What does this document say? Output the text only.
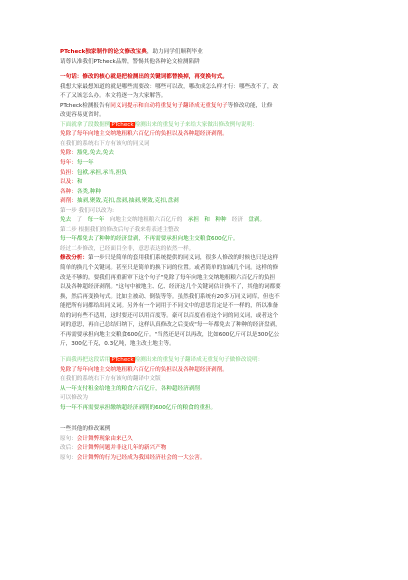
PTcheck独家制作的论文修改宝典，助力同学们顺利毕业
请尊认准我们PTcheck品牌，警惕其他各种论文检测陷阱
一句话：修改的核心就是把检测出的关键词都替换掉，再变换句式。
我想大家最想知道的就是哪些需要改：哪些可以改，哪改成怎么样才行：哪些改不了，改
不了又该怎么办。本文将逐一为大家解答。
PTcheck检测报告有同义词提示和自动将重复句子翻译成无重复句子等修改功能，让修
改更容易更省时。
下面就拿了段数据例PTcheck检测出来的重复句子来给大家做出修改例句说明：
免除了每年向地主交纳地租粮六百亿斤的负担以及各种超经济剥削。
在我们的系统右下方有该句的同义词
免除：豁免,免去,免去
每年：每一年
负担：包袱,承担,承当,担负
以及：和
各种：各类,种种
剥削：抽剥,聚敛,克扣,盘剥,抽剥,聚敛,克扣,盘剥
第一步 我们可以改为:
免去 了 每一年 向地主交纳地租粮六百亿斤的 承担 和 种种 经济 盘剥。
第二步 根据我们的修改后句子我来将表述主整改
每一年都免去了种种的经济盘剥，不再需要承担向地主交粮食600亿斤。
经过二步修改，已经面目全非，意思表达的依然一样。
修改分析：第一步只是简单的套用我们系统提供的同义词，很多人修改的时候也只是这样
简单的换几个关键词。甚至只是简单的换下词的位置。或者简单的加减几个词。这样的修
改是不够的。要我们再重新审下这个句子"免除了每年向地主交纳地租粮六百亿斤的负担
以及各种超经济剥削。"这句中被地主、亿、经济这几个关键词估计换不了，其他的词都要
换，然后再变换句式。比如主被动、倒装等等。虽然我们系统有20多万同义词库，但也不
能把所有词都给出同义词。另外有一个词用于不同文中的意思肯定是不一样的，所以准备
给的词有些不适用，这时要还可以用百度等。豪可以百度看看这个词的同义词，或者这个
词的意思，再自己总结归纳下，这样认真修改之后变成"每一年都免去了种种的经济盘剥，
不再需要承担向地主交粮食600亿斤。"当然还是可以再改，比如600亿斤可以是300亿公
斤，300亿千克，0.3亿吨，地主改土地主等。
下面我再把这段话用PTcheck检测出来的重复句子翻译成无重复句子做修改说明：
免除了每年向地主交纳地租粮六百亿斤的负担以及各种超经济剥削。
在我们的系统右下方有该句的翻译中文版
从一年支付租金给地主的粮食六百亿斤，各种超经济剥削
可以修改为
每一年不再需要承担缴纳超经济剥削的600亿斤的粮食的重担。
一些其他的修改案例
原句：会计舞弊现象由来已久
改后：会计舞弊问题并非这几年的新兴产物
原句：会计舞弊的行为已经成为我国经济社会的一大公害。
